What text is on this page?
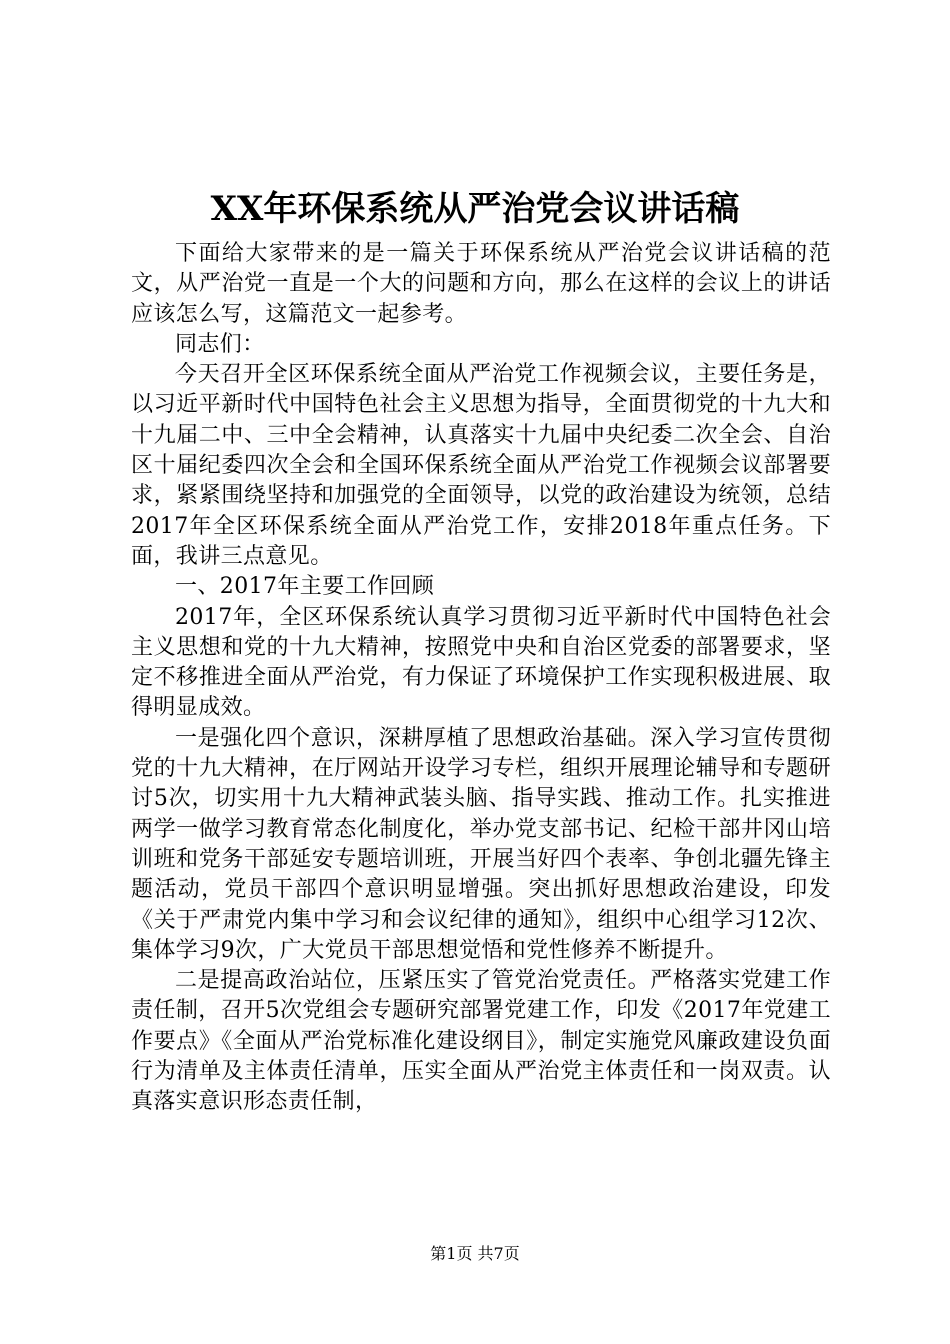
XX年环保系统从严治党会议讲话稿

下面给大家带来的是一篇关于环保系统从严治党会议讲话稿的范文，从严治党一直是一个大的问题和方向，那么在这样的会议上的讲话应该怎么写，这篇范文一起参考。

同志们：

今天召开全区环保系统全面从严治党工作视频会议，主要任务是，以习近平新时代中国特色社会主义思想为指导，全面贯彻党的十九大和十九届二中、三中全会精神，认真落实十九届中央纪委二次全会、自治区十届纪委四次全会和全国环保系统全面从严治党工作视频会议部署要求，紧紧围绕坚持和加强党的全面领导，以党的政治建设为统领，总结2017年全区环保系统全面从严治党工作，安排2018年重点任务。下面，我讲三点意见。

一、2017年主要工作回顾

2017年，全区环保系统认真学习贯彻习近平新时代中国特色社会主义思想和党的十九大精神，按照党中央和自治区党委的部署要求，坚定不移推进全面从严治党，有力保证了环境保护工作实现积极进展、取得明显成效。

一是强化四个意识，深耕厚植了思想政治基础。深入学习宣传贯彻党的十九大精神，在厅网站开设学习专栏，组织开展理论辅导和专题研讨5次，切实用十九大精神武装头脑、指导实践、推动工作。扎实推进两学一做学习教育常态化制度化，举办党支部书记、纪检干部井冈山培训班和党务干部延安专题培训班，开展当好四个表率、争创北疆先锋主题活动，党员干部四个意识明显增强。突出抓好思想政治建设，印发《关于严肃党内集中学习和会议纪律的通知》，组织中心组学习12次、集体学习9次，广大党员干部思想觉悟和党性修养不断提升。

二是提高政治站位，压紧压实了管党治党责任。严格落实党建工作责任制，召开5次党组会专题研究部署党建工作，印发《2017年党建工作要点》《全面从严治党标准化建设纲目》，制定实施党风廉政建设负面行为清单及主体责任清单，压实全面从严治党主体责任和一岗双责。认真落实意识形态责任制，

第1页 共7页
